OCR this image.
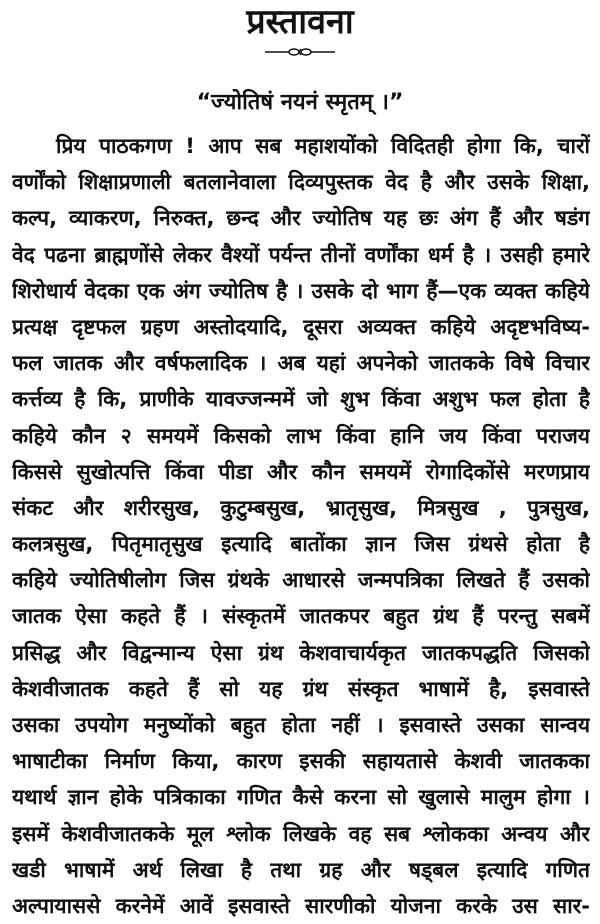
प्रस्तावना
“ज्योतिषं नयनं स्मृतम् ।”
प्रिय पाठकगण ! आप सब महाशयोंको विदितही होगा कि, चारों
वर्णोंको शिक्षाप्रणाली बतलानेवाला दिव्यपुस्तक वेद है और उसके शिक्षा,
कल्प, व्याकरण, निरुक्त, छन्द और ज्योतिष यह छः अंग हैं और षडंग
वेद पढना ब्राह्मणोंसे लेकर वैश्यों पर्यन्त तीनों वर्णोंका धर्म है । उसही हमारे
शिरोधार्य वेदका एक अंग ज्योतिष है । उसके दो भाग हैं—एक व्यक्त कहिये
प्रत्यक्ष दृष्टफल ग्रहण अस्तोदयादि, दूसरा अव्यक्त कहिये अदृष्टभविष्य-
फल जातक और वर्षफलादिक । अब यहां अपनेको जातकके विषे विचार
कर्त्तव्य है कि, प्राणीके यावज्जन्ममें जो शुभ किंवा अशुभ फल होता है
कहिये कौन २ समयमें किसको लाभ किंवा हानि जय किंवा पराजय
किससे सुखोत्पत्ति किंवा पीडा और कौन समयमें रोगादिकोंसे मरणप्राय
संकट और शरीरसुख, कुटुम्बसुख, भ्रातृसुख, मित्रसुख , पुत्रसुख,
कलत्रसुख, पितृमातृसुख इत्यादि बातोंका ज्ञान जिस ग्रंथसे होता है
कहिये ज्योतिषीलोग जिस ग्रंथके आधारसे जन्मपत्रिका लिखते हैं उसको
जातक ऐसा कहते हैं । संस्कृतमें जातकपर बहुत ग्रंथ हैं परन्तु सबमें
प्रसिद्ध और विद्वन्मान्य ऐसा ग्रंथ केशवाचार्यकृत जातकपद्धति जिसको
केशवीजातक कहते हैं सो यह ग्रंथ संस्कृत भाषामें है, इसवास्ते
उसका उपयोग मनुष्योंको बहुत होता नहीं । इसवास्ते उसका सान्वय
भाषाटीका निर्माण किया, कारण इसकी सहायतासे केशवी जातकका
यथार्थ ज्ञान होके पत्रिकाका गणित कैसे करना सो खुलासे मालुम होगा ।
इसमें केशवीजातकके मूल श्लोक लिखके वह सब श्लोकका अन्वय और
खडी भाषामें अर्थ लिखा है तथा ग्रह और षड्बल इत्यादि गणित
अल्पायाससे करनेमें आवें इसवास्ते सारणीको योजना करके उस सार-
